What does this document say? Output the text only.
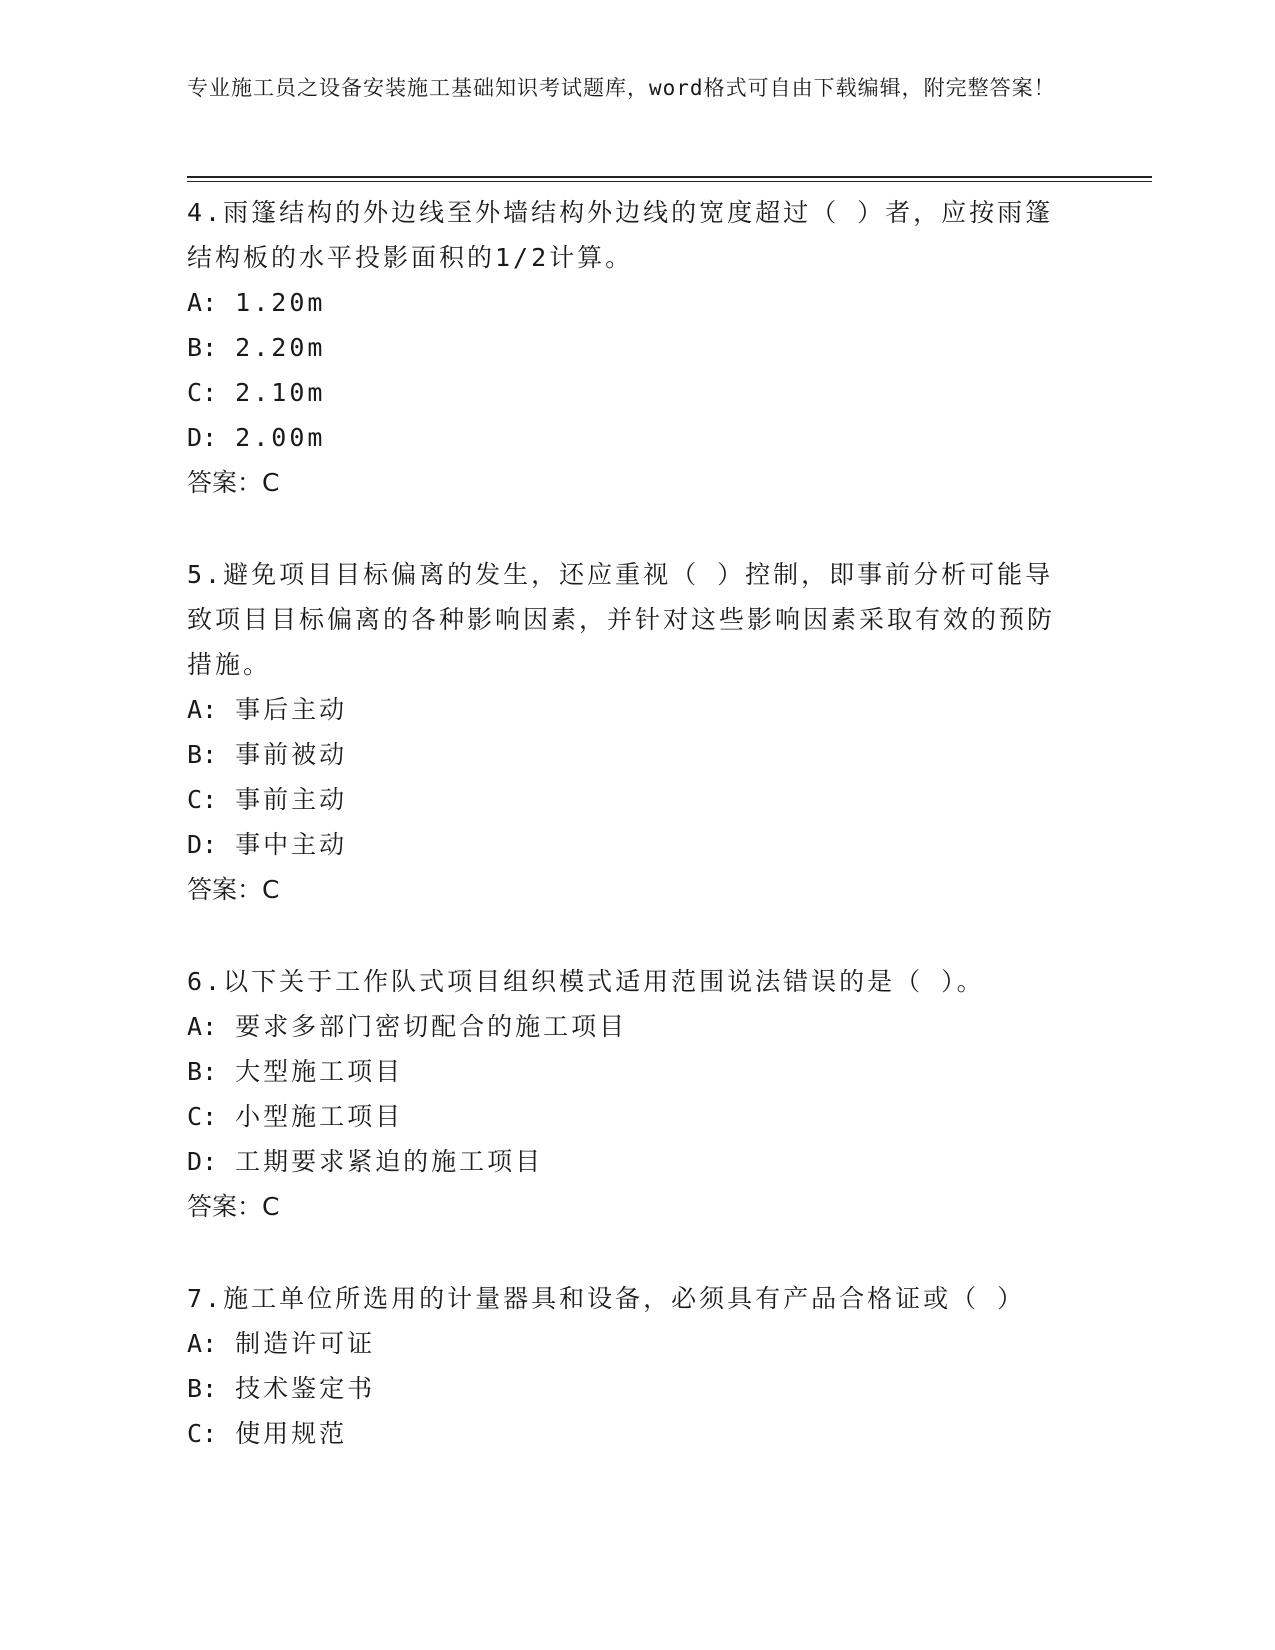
专业施工员之设备安装施工基础知识考试题库，word格式可自由下载编辑，附完整答案！
4.雨篷结构的外边线至外墙结构外边线的宽度超过（ ）者，应按雨篷结构板的水平投影面积的1/2计算。
A: 1.20m
B: 2.20m
C: 2.10m
D: 2.00m
答案：C
5.避免项目目标偏离的发生，还应重视（ ）控制，即事前分析可能导致项目目标偏离的各种影响因素，并针对这些影响因素采取有效的预防措施。
A: 事后主动
B: 事前被动
C: 事前主动
D: 事中主动
答案：C
6.以下关于工作队式项目组织模式适用范围说法错误的是（ ）。
A: 要求多部门密切配合的施工项目
B: 大型施工项目
C: 小型施工项目
D: 工期要求紧迫的施工项目
答案：C
7.施工单位所选用的计量器具和设备，必须具有产品合格证或（ ）
A: 制造许可证
B: 技术鉴定书
C: 使用规范
